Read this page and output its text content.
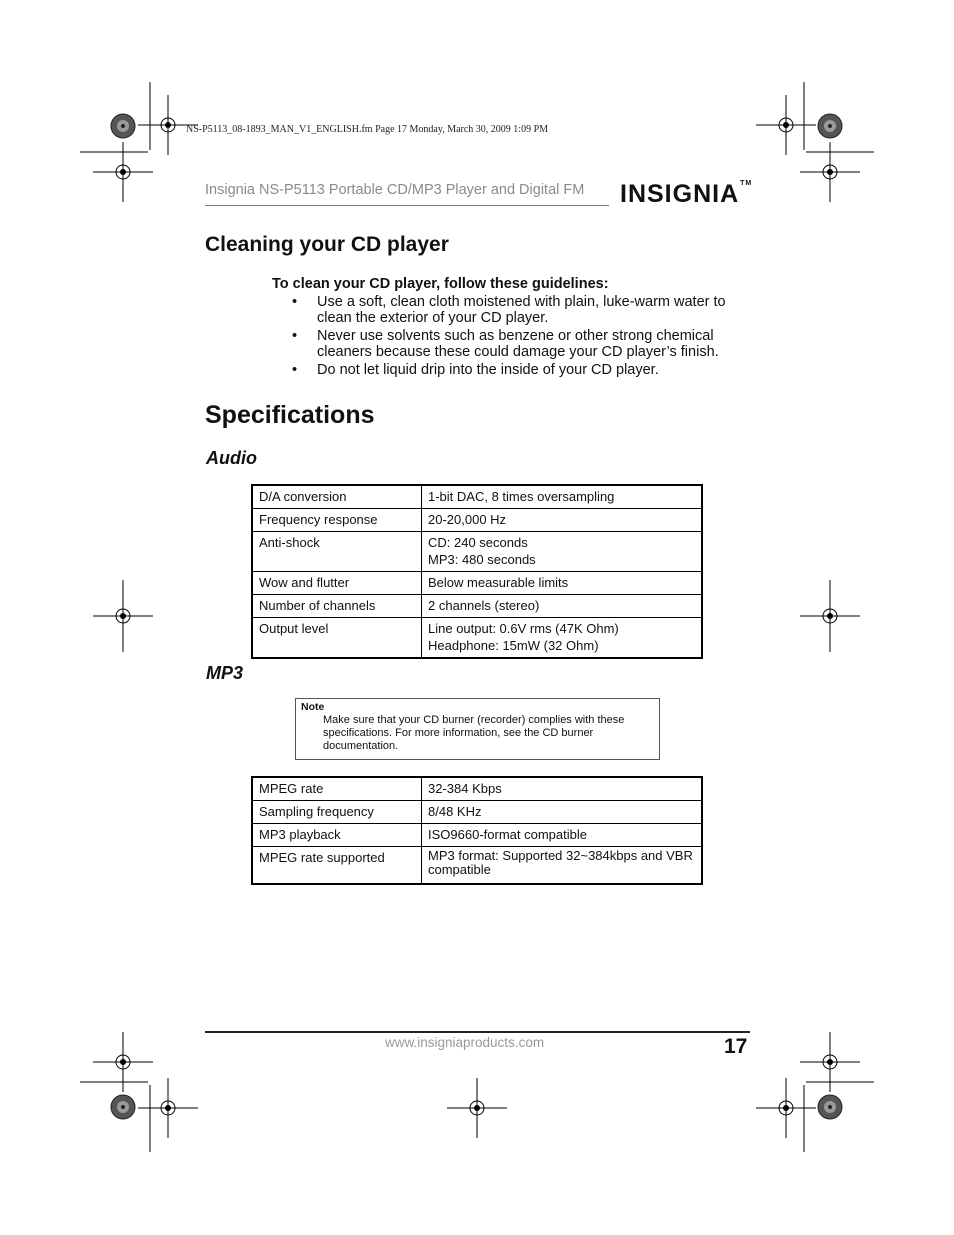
NS-P5113_08-1893_MAN_V1_ENGLISH.fm Page 17 Monday, March 30, 2009 1:09 PM
Insignia NS-P5113 Portable CD/MP3 Player and Digital FM INSIGNIA™
Cleaning your CD player
To clean your CD player, follow these guidelines:
• Use a soft, clean cloth moistened with plain, luke-warm water to clean the exterior of your CD player.
• Never use solvents such as benzene or other strong chemical cleaners because these could damage your CD player’s finish.
• Do not let liquid drip into the inside of your CD player.
Specifications
Audio
D/A conversion	1-bit DAC, 8 times oversampling

Frequency response	20-20,000 Hz

Anti-shock	CD: 240 seconds
MP3: 480 seconds

Wow and flutter	Below measurable limits

Number of channels	2 channels (stereo)

Output level	Line output: 0.6V rms (47K Ohm)
Headphone: 15mW (32 Ohm)
MP3
Note
Make sure that your CD burner (recorder) complies with these specifications. For more information, see the CD burner documentation.
MPEG rate	32-384 Kbps

Sampling frequency	8/48 KHz

MP3 playback	ISO9660-format compatible

MPEG rate supported	MP3 format: Supported 32~384kbps and VBR compatible
www.insigniaproducts.com	17
